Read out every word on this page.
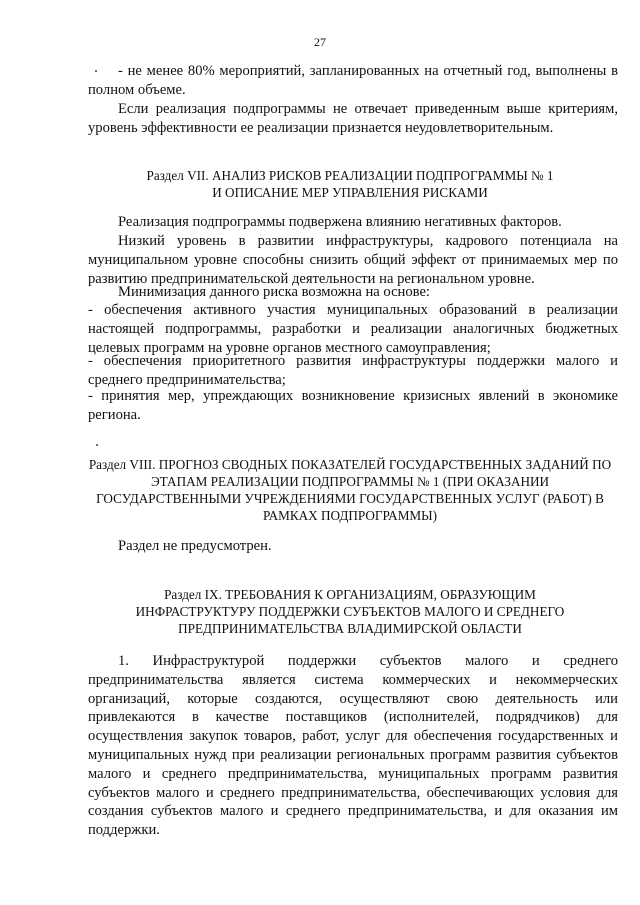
27

- не менее 80% мероприятий, запланированных на отчетный год, выполнены в полном объеме.

Если реализация подпрограммы не отвечает приведенным выше критериям, уровень эффективности ее реализации признается неудовлетворительным.

Раздел VII. АНАЛИЗ РИСКОВ РЕАЛИЗАЦИИ ПОДПРОГРАММЫ № 1
И ОПИСАНИЕ МЕР УПРАВЛЕНИЯ РИСКАМИ

Реализация подпрограммы подвержена влиянию негативных факторов.

Низкий уровень в развитии инфраструктуры, кадрового потенциала на муниципальном уровне способны снизить общий эффект от принимаемых мер по развитию предпринимательской деятельности на региональном уровне.

Минимизация данного риска возможна на основе:

- обеспечения активного участия муниципальных образований в реализации настоящей подпрограммы, разработки и реализации аналогичных бюджетных целевых программ на уровне органов местного самоуправления;

- обеспечения приоритетного развития инфраструктуры поддержки малого и среднего предпринимательства;

- принятия мер, упреждающих возникновение кризисных явлений в экономике региона.

Раздел VIII. ПРОГНОЗ СВОДНЫХ ПОКАЗАТЕЛЕЙ ГОСУДАРСТВЕННЫХ ЗАДАНИЙ ПО
ЭТАПАМ РЕАЛИЗАЦИИ ПОДПРОГРАММЫ № 1 (ПРИ ОКАЗАНИИ
ГОСУДАРСТВЕННЫМИ УЧРЕЖДЕНИЯМИ ГОСУДАРСТВЕННЫХ УСЛУГ (РАБОТ) В
РАМКАХ ПОДПРОГРАММЫ)

Раздел не предусмотрен.

Раздел IX. ТРЕБОВАНИЯ К ОРГАНИЗАЦИЯМ, ОБРАЗУЮЩИМ
ИНФРАСТРУКТУРУ ПОДДЕРЖКИ СУБЪЕКТОВ МАЛОГО И СРЕДНЕГО
ПРЕДПРИНИМАТЕЛЬСТВА ВЛАДИМИРСКОЙ ОБЛАСТИ

1. Инфраструктурой поддержки субъектов малого и среднего предпринимательства является система коммерческих и некоммерческих организаций, которые создаются, осуществляют свою деятельность или привлекаются в качестве поставщиков (исполнителей, подрядчиков) для осуществления закупок товаров, работ, услуг для обеспечения государственных и муниципальных нужд при реализации региональных программ развития субъектов малого и среднего предпринимательства, муниципальных программ развития субъектов малого и среднего предпринимательства, обеспечивающих условия для создания субъектов малого и среднего предпринимательства, и для оказания им поддержки.
